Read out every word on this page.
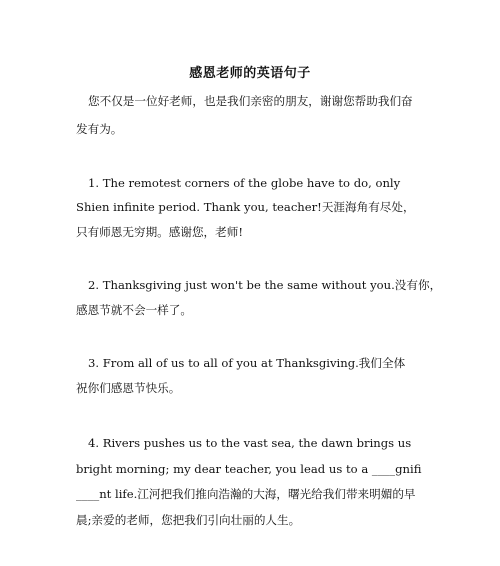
感恩老师的英语句子
您不仅是一位好老师，也是我们亲密的朋友，谢谢您帮助我们奋
发有为。
1. The remotest corners of the globe have to do, only
Shien infinite period. Thank you, teacher!天涯海角有尽处，
只有师恩无穷期。感谢您，老师!
2. Thanksgiving just won't be the same without you.没有你，
感恩节就不会一样了。
3. From all of us to all of you at Thanksgiving.我们全体
祝你们感恩节快乐。
4. Rivers pushes us to the vast sea, the dawn brings us
bright morning; my dear teacher, you lead us to a ____gnifi
____nt life.江河把我们推向浩瀚的大海，曙光给我们带来明媚的早
晨;亲爱的老师，您把我们引向壮丽的人生。
